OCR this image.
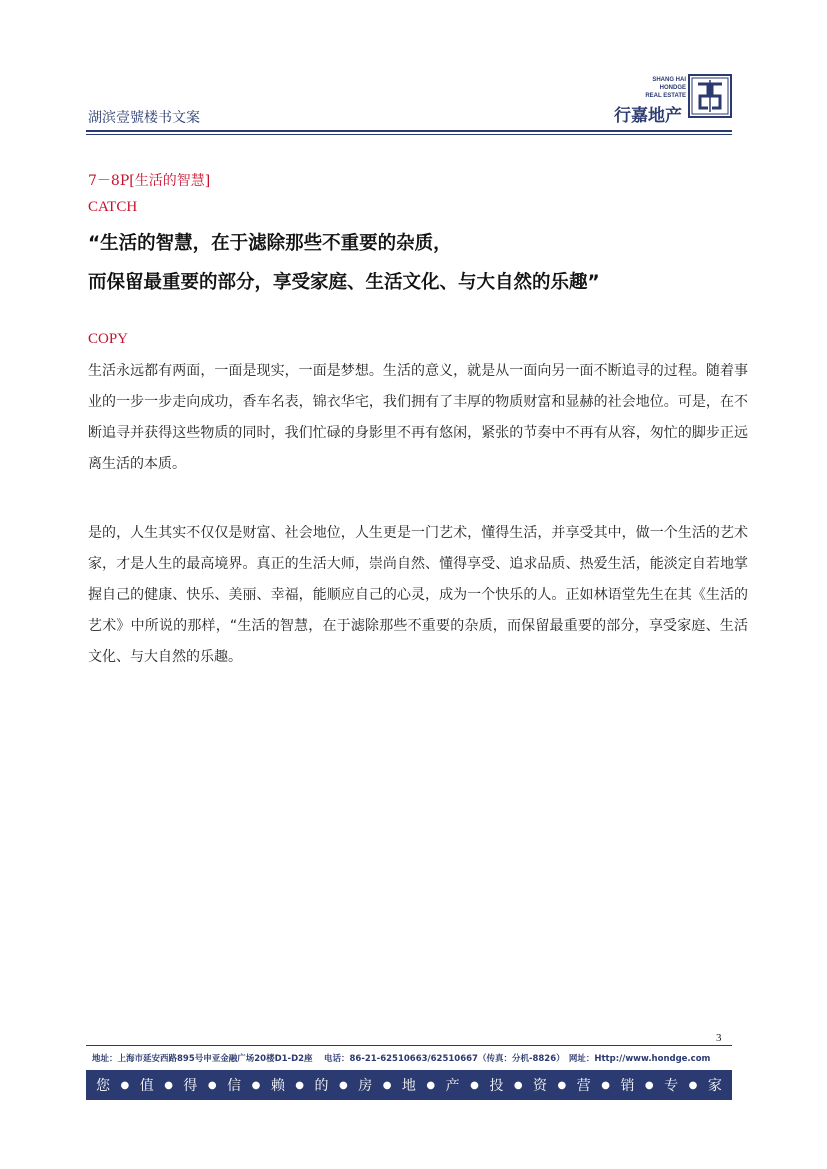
湖滨壹號楼书文案
SHANG HAI
HONDGE
REAL ESTATE
行嘉地产
7－8P[生活的智慧]
CATCH
“生活的智慧，在于滤除那些不重要的杂质，
而保留最重要的部分，享受家庭、生活文化、与大自然的乐趣”
COPY

生活永远都有两面，一面是现实，一面是梦想。生活的意义，就是从一面向另一面不断追寻的过程。随着事业的一步一步走向成功，香车名表，锦衣华宅，我们拥有了丰厚的物质财富和显赫的社会地位。可是，在不断追寻并获得这些物质的同时，我们忙碌的身影里不再有悠闲，紧张的节奏中不再有从容，匆忙的脚步正远离生活的本质。

是的，人生其实不仅仅是财富、社会地位，人生更是一门艺术，懂得生活，并享受其中，做一个生活的艺术家，才是人生的最高境界。真正的生活大师，崇尚自然、懂得享受、追求品质、热爱生活，能淡定自若地掌握自己的健康、快乐、美丽、幸福，能顺应自己的心灵，成为一个快乐的人。正如林语堂先生在其《生活的艺术》中所说的那样，“生活的智慧，在于滤除那些不重要的杂质，而保留最重要的部分，享受家庭、生活文化、与大自然的乐趣。

3
地址：上海市延安西路895号申亚金融广场20楼D1-D2座　 电话：86-21-62510663/62510667（传真：分机-8826）　网址：Http://www.hondge.com
您 ● 值 ● 得 ● 信 ● 赖 ● 的 ● 房 ● 地 ● 产 ● 投 ● 资 ● 营 ● 销 ● 专 ● 家
